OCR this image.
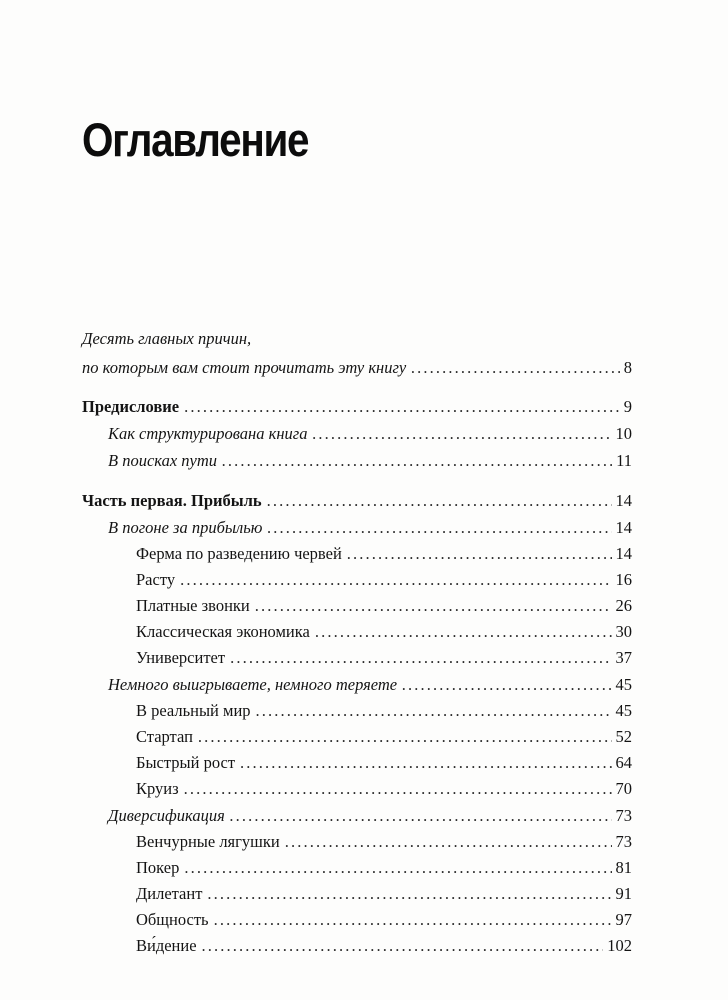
Оглавление
Десять главных причин,
по которым вам стоит прочитать эту книгу . . .	8
Предисловие . . .	9
Как структурирована книга . . .	10
В поисках пути . . .	11
Часть первая. Прибыль . . .	14
В погоне за прибылью . . .	14
Ферма по разведению червей . . .	14
Расту . . .	16
Платные звонки . . .	26
Классическая экономика . . .	30
Университет . . .	37
Немного выигрываете, немного теряете . . .	45
В реальный мир . . .	45
Стартап . . .	52
Быстрый рост . . .	64
Круиз . . .	70
Диверсификация . . .	73
Венчурные лягушки . . .	73
Покер . . .	81
Дилетант . . .	91
Общность . . .	97
Ви́дение . . .	102
